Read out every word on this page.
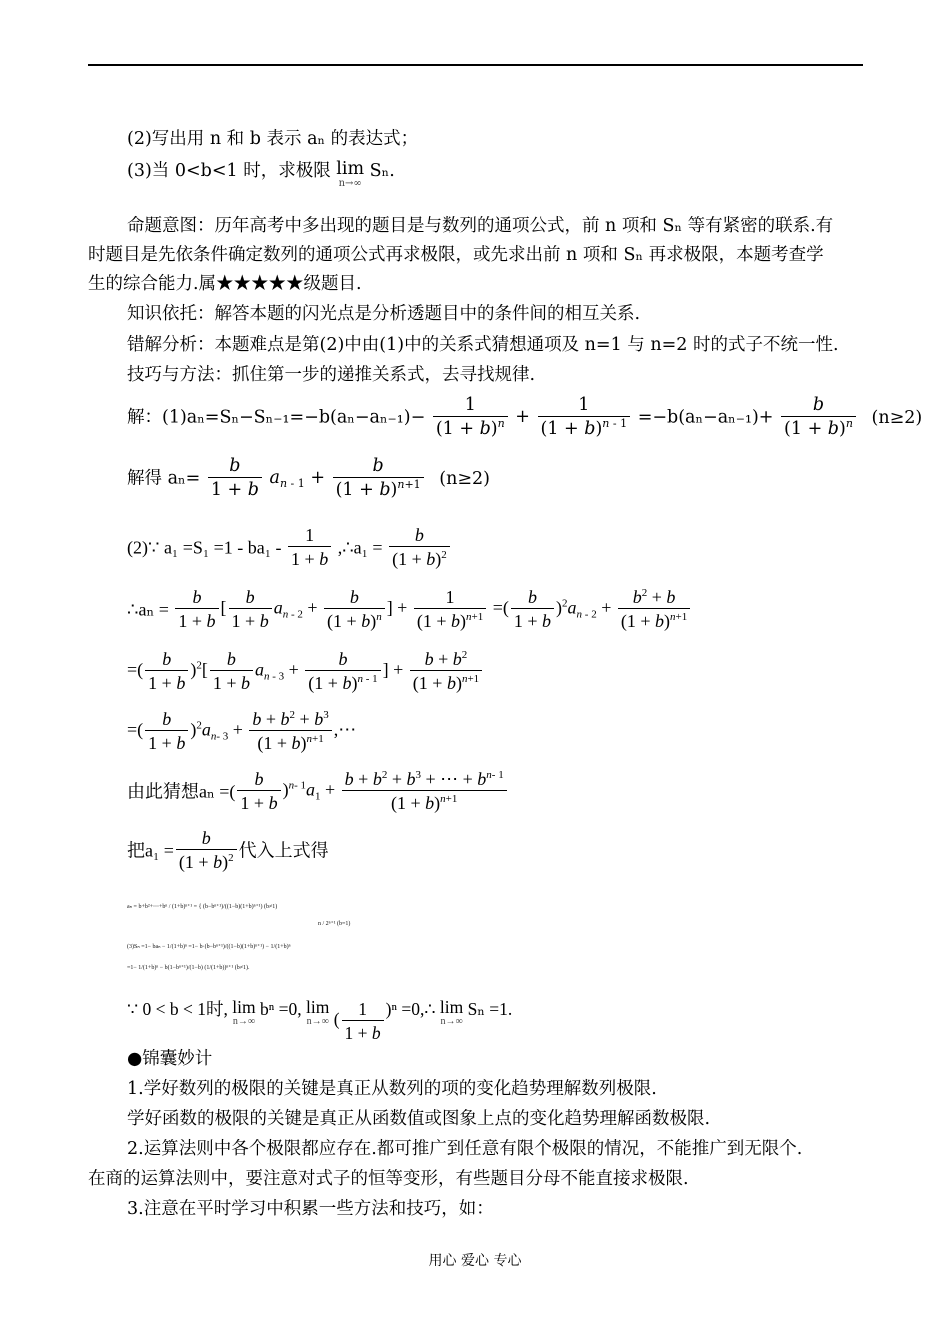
(2)写出用 n 和 b 表示 aₙ 的表达式；
(3)当 0<b<1 时，求极限 lim
n→∞
Sₙ.
命题意图：历年高考中多出现的题目是与数列的通项公式，前 n 项和 Sₙ 等有紧密的联系.有
时题目是先依条件确定数列的通项公式再求极限，或先求出前 n 项和 Sₙ 再求极限，本题考查学
生的综合能力.属★★★★★级题目.
知识依托：解答本题的闪光点是分析透题目中的条件间的相互关系.
错解分析：本题难点是第(2)中由(1)中的关系式猜想通项及 n=1 与 n=2 时的式子不统一性.
技巧与方法：抓住第一步的递推关系式，去寻找规律.
解：$(1)a_n=S_n-S_{n-1}=-b(a_n-a_{n-1})- \frac{1}{(1 + b)^n} + \frac{1}{(1 + b)^{n - 1}} =-b(a_n-a_{n-1})+ \frac{b}{(1 + b)^n} (n\ge 2)$
解得 $a_n= \frac{b}{1 + b} a_{n - 1} + \frac{b}{(1 + b)^{n+1}} (n\ge 2)$
(2)∵ $a_1 =S_1 =1 - ba_1 - \frac{1}{1 + b}$ ,∴a₁ = $\frac{b}{(1 + b)^2}$
∴aₙ = $\frac{b}{1 + b}$ [ $\frac{b}{1 + b} a_{n - 2} + \frac{b}{(1 + b)^n}$ ] + $\frac{1}{(1 + b)^{n+1}}$ =( $\frac{b}{1 + b} )^2a_{n - 2} + \frac{b^2 + b}{(1 + b)^{n+1}}$
=( $\frac{b}{1 + b} )^2[ \frac{b}{1 + b} a_{n - 3} + \frac{b}{(1 + b)^{n - 1}}$ ] + $\frac{b + b^2}{(1 + b)^{n+1}}$
=( $\frac{b}{1 + b} )^2a_{n- 3} + \frac{b + b^2 + b^3}{(1 + b)^{n+1}}$ ,⋯
由此猜想aₙ =( $\frac{b}{1 + b} )^{n- 1}a_1 + \frac{b + b^2 + b^3 + \cdots + b^{n- 1}}{(1 + b)^{n+1}}$
把$a_1 = \frac{b}{(1 + b)^2}$ 代入上式得
aₙ = b+b²+⋯+bⁿ / (1+b)ⁿ⁺¹ = { (b−bⁿ⁺¹)/((1−b)(1+b)ⁿ⁺¹) (b≠1)
n / 2ⁿ⁺¹ (b=1)
(3)Sₙ =1− baₙ − 1/(1+b)ⁿ =1− b·(b−bⁿ⁺¹)/((1−b)(1+b)ⁿ⁺¹) − 1/(1+b)ⁿ
=1− 1/(1+b)ⁿ − b(1−bⁿ⁺¹)/(1−b) (1/(1+b))ⁿ⁺¹ (b≠1).
∵ 0 < b < 1时, lim
n→∞
bⁿ =0, lim
n→∞ ( $\frac{1}{1 + b} )^n$ =0,∴ lim
n→∞
Sₙ =1.
●锦囊妙计
1.学好数列的极限的关键是真正从数列的项的变化趋势理解数列极限.
学好函数的极限的关键是真正从函数值或图象上点的变化趋势理解函数极限.
2.运算法则中各个极限都应存在.都可推广到任意有限个极限的情况，不能推广到无限个.
在商的运算法则中，要注意对式子的恒等变形，有些题目分母不能直接求极限.
3.注意在平时学习中积累一些方法和技巧，如：
用心 爱心 专心
